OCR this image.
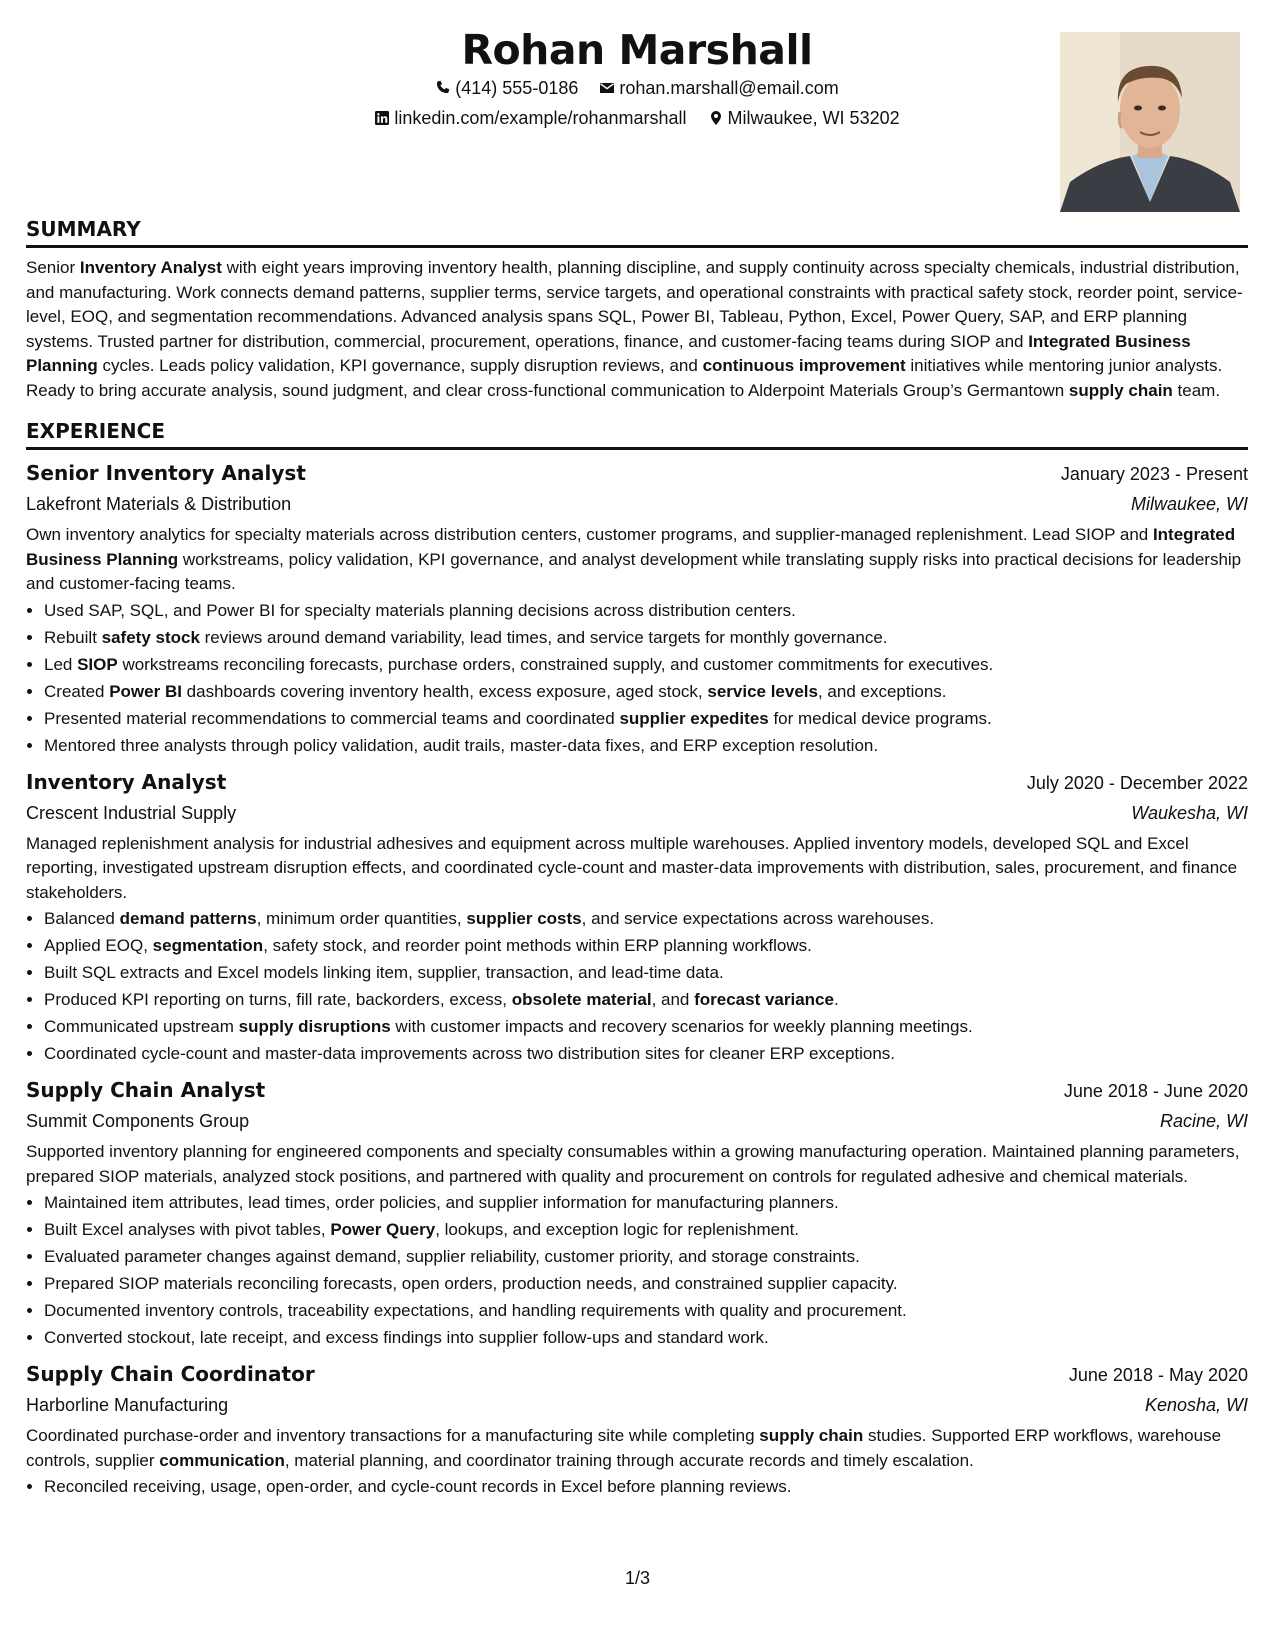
Rohan Marshall
(414) 555-0186 rohan.marshall@email.com
linkedin.com/example/rohanmarshall Milwaukee, WI 53202
SUMMARY

Senior Inventory Analyst with eight years improving inventory health, planning discipline, and supply continuity across specialty chemicals, industrial distribution, and manufacturing. Work connects demand patterns, supplier terms, service targets, and operational constraints with practical safety stock, reorder point, service-level, EOQ, and segmentation recommendations. Advanced analysis spans SQL, Power BI, Tableau, Python, Excel, Power Query, SAP, and ERP planning systems. Trusted partner for distribution, commercial, procurement, operations, finance, and customer-facing teams during SIOP and Integrated Business Planning cycles. Leads policy validation, KPI governance, supply disruption reviews, and continuous improvement initiatives while mentoring junior analysts. Ready to bring accurate analysis, sound judgment, and clear cross-functional communication to Alderpoint Materials Group’s Germantown supply chain team.

EXPERIENCE
Senior Inventory Analyst	January 2023 - Present
Lakefront Materials & Distribution	Milwaukee, WI

Own inventory analytics for specialty materials across distribution centers, customer programs, and supplier-managed replenishment. Lead SIOP and Integrated Business Planning workstreams, policy validation, KPI governance, and analyst development while translating supply risks into practical decisions for leadership and customer-facing teams.

• Used SAP, SQL, and Power BI for specialty materials planning decisions across distribution centers.
• Rebuilt safety stock reviews around demand variability, lead times, and service targets for monthly governance.
• Led SIOP workstreams reconciling forecasts, purchase orders, constrained supply, and customer commitments for executives.
• Created Power BI dashboards covering inventory health, excess exposure, aged stock, service levels, and exceptions.
• Presented material recommendations to commercial teams and coordinated supplier expedites for medical device programs.
• Mentored three analysts through policy validation, audit trails, master-data fixes, and ERP exception resolution.
Inventory Analyst	July 2020 - December 2022
Crescent Industrial Supply	Waukesha, WI

Managed replenishment analysis for industrial adhesives and equipment across multiple warehouses. Applied inventory models, developed SQL and Excel reporting, investigated upstream disruption effects, and coordinated cycle-count and master-data improvements with distribution, sales, procurement, and finance stakeholders.

• Balanced demand patterns, minimum order quantities, supplier costs, and service expectations across warehouses.
• Applied EOQ, segmentation, safety stock, and reorder point methods within ERP planning workflows.
• Built SQL extracts and Excel models linking item, supplier, transaction, and lead-time data.
• Produced KPI reporting on turns, fill rate, backorders, excess, obsolete material, and forecast variance.
• Communicated upstream supply disruptions with customer impacts and recovery scenarios for weekly planning meetings.
• Coordinated cycle-count and master-data improvements across two distribution sites for cleaner ERP exceptions.
Supply Chain Analyst	June 2018 - June 2020
Summit Components Group	Racine, WI

Supported inventory planning for engineered components and specialty consumables within a growing manufacturing operation. Maintained planning parameters, prepared SIOP materials, analyzed stock positions, and partnered with quality and procurement on controls for regulated adhesive and chemical materials.

• Maintained item attributes, lead times, order policies, and supplier information for manufacturing planners.
• Built Excel analyses with pivot tables, Power Query, lookups, and exception logic for replenishment.
• Evaluated parameter changes against demand, supplier reliability, customer priority, and storage constraints.
• Prepared SIOP materials reconciling forecasts, open orders, production needs, and constrained supplier capacity.
• Documented inventory controls, traceability expectations, and handling requirements with quality and procurement.
• Converted stockout, late receipt, and excess findings into supplier follow-ups and standard work.
Supply Chain Coordinator	June 2018 - May 2020
Harborline Manufacturing	Kenosha, WI

Coordinated purchase-order and inventory transactions for a manufacturing site while completing supply chain studies. Supported ERP workflows, warehouse controls, supplier communication, material planning, and coordinator training through accurate records and timely escalation.

• Reconciled receiving, usage, open-order, and cycle-count records in Excel before planning reviews.
1/3
